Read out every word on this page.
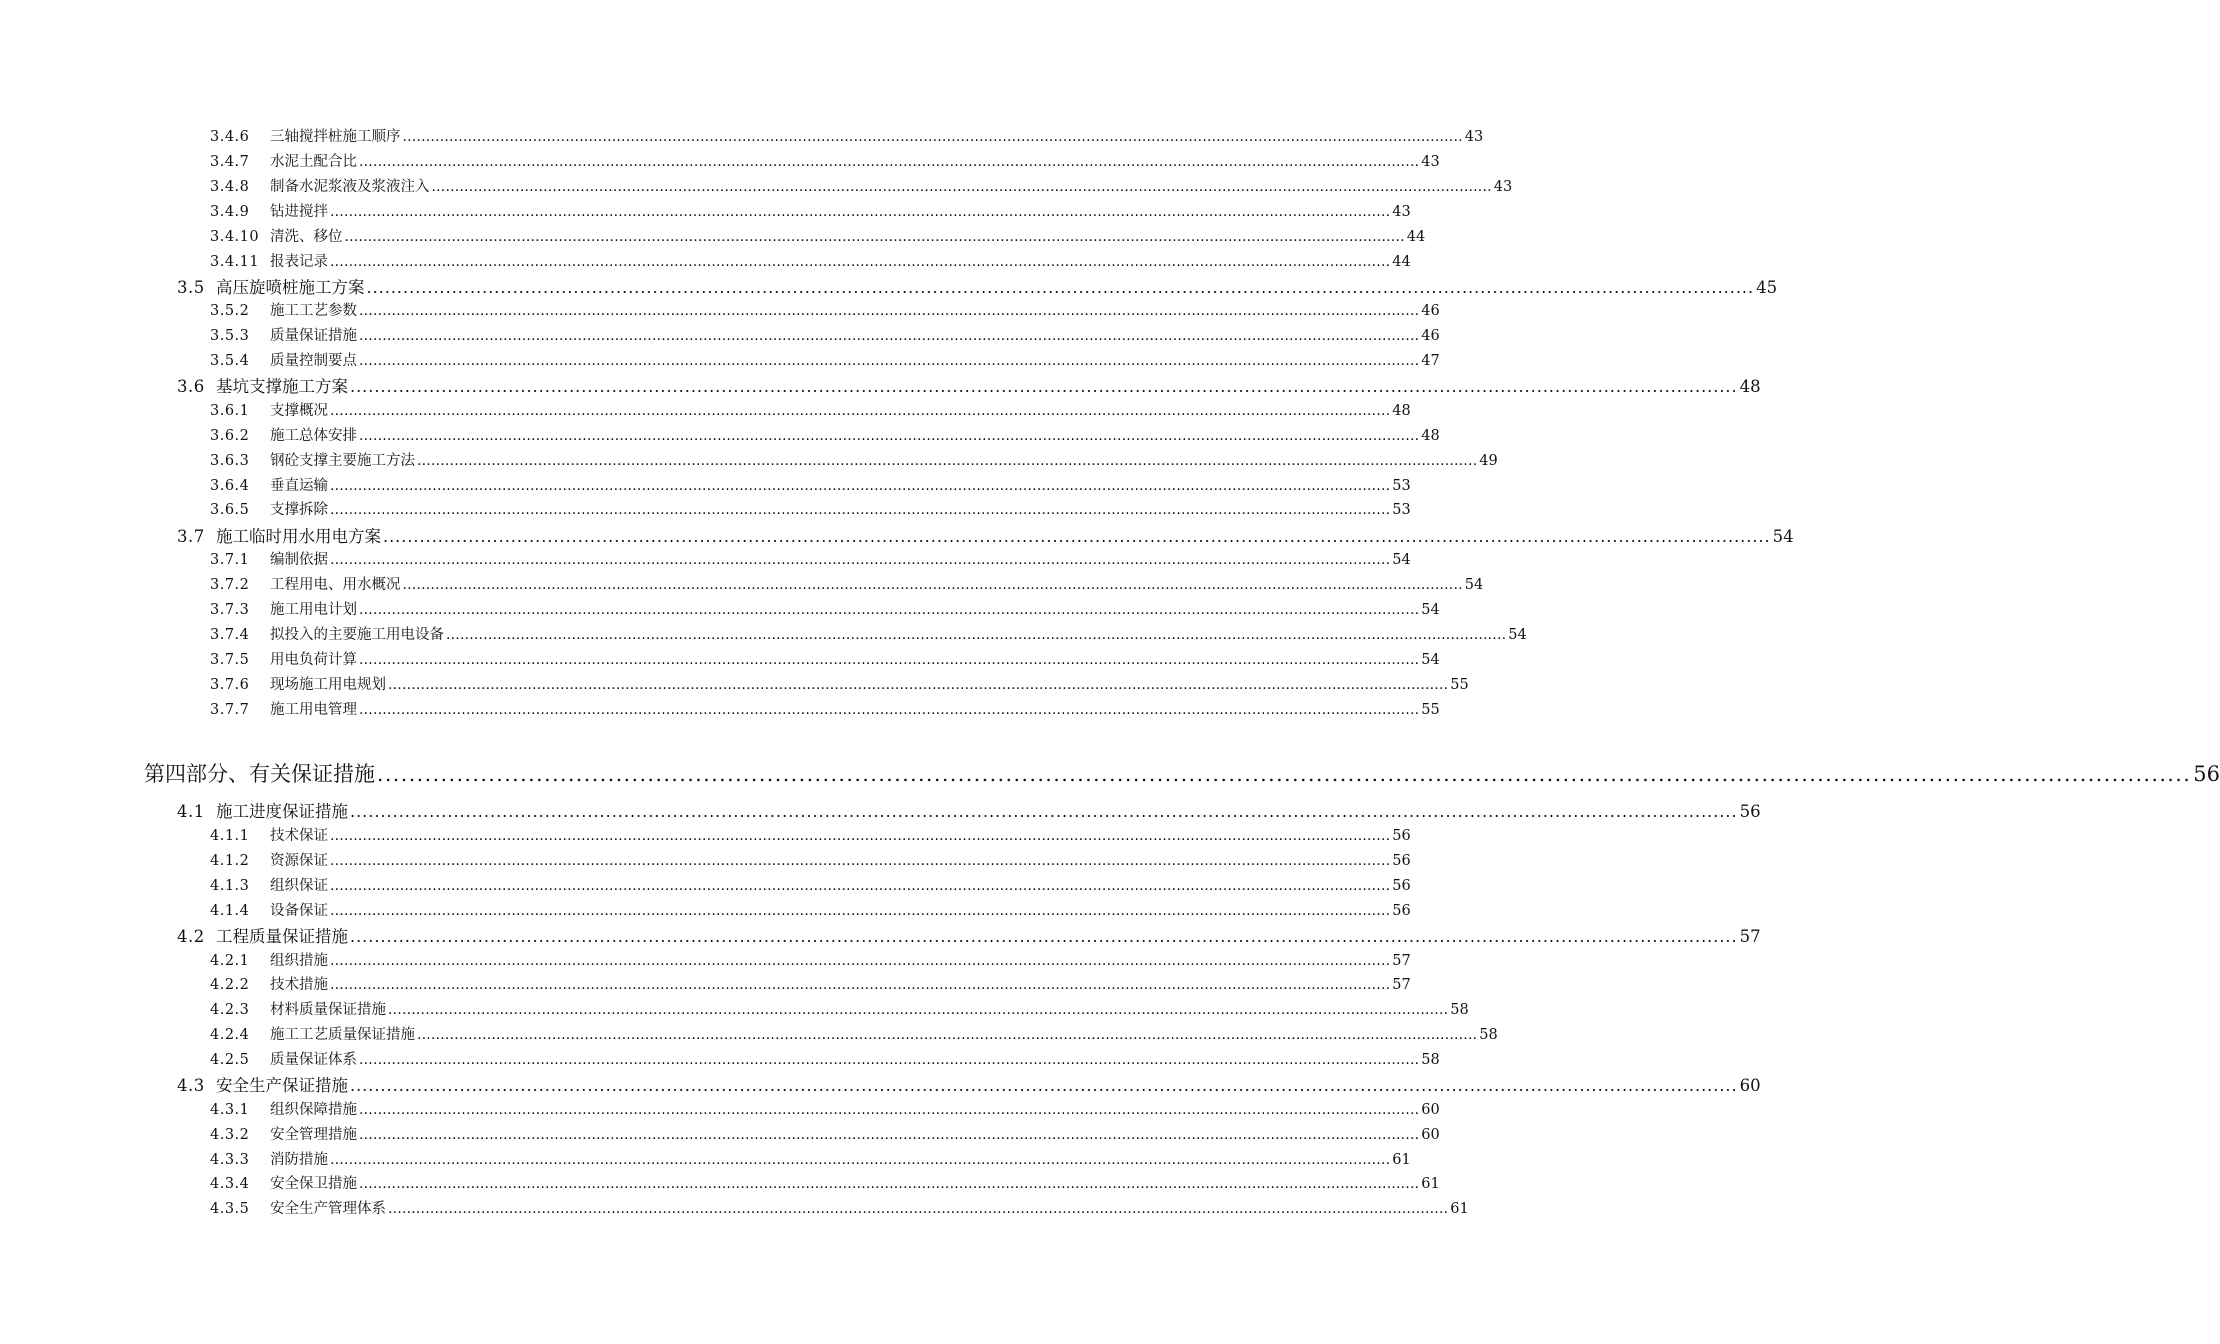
3.4.6	三轴搅拌桩施工顺序 .................................................................................................................................................................................................................................... 43
3.4.7	水泥土配合比 .................................................................................................................................................................................................................................... 43
3.4.8	制备水泥浆液及浆液注入 .................................................................................................................................................................................................................................... 43
3.4.9	钻进搅拌 .................................................................................................................................................................................................................................... 43
3.4.10 清洗、移位 .................................................................................................................................................................................................................................... 44
3.4.11 报表记录 .................................................................................................................................................................................................................................... 44
3.5 高压旋喷桩施工方案 .................................................................................................................................................................................................................................... 45
3.5.2	施工工艺参数 .................................................................................................................................................................................................................................... 46
3.5.3	质量保证措施 .................................................................................................................................................................................................................................... 46
3.5.4	质量控制要点 .................................................................................................................................................................................................................................... 47
3.6 基坑支撑施工方案 .................................................................................................................................................................................................................................... 48
3.6.1	支撑概况 .................................................................................................................................................................................................................................... 48
3.6.2	施工总体安排 .................................................................................................................................................................................................................................... 48
3.6.3	钢砼支撑主要施工方法 .................................................................................................................................................................................................................................... 49
3.6.4	垂直运输 .................................................................................................................................................................................................................................... 53
3.6.5	支撑拆除 .................................................................................................................................................................................................................................... 53
3.7 施工临时用水用电方案 .................................................................................................................................................................................................................................... 54
3.7.1	编制依据 .................................................................................................................................................................................................................................... 54
3.7.2	工程用电、用水概况 .................................................................................................................................................................................................................................... 54
3.7.3	施工用电计划 .................................................................................................................................................................................................................................... 54
3.7.4	拟投入的主要施工用电设备 .................................................................................................................................................................................................................................... 54
3.7.5	用电负荷计算 .................................................................................................................................................................................................................................... 54
3.7.6	现场施工用电规划 .................................................................................................................................................................................................................................... 55
3.7.7	施工用电管理 .................................................................................................................................................................................................................................... 55
第四部分、有关保证措施 .................................................................................................................................................................................................................................... 56
4.1 施工进度保证措施 .................................................................................................................................................................................................................................... 56
4.1.1	技术保证 .................................................................................................................................................................................................................................... 56
4.1.2	资源保证 .................................................................................................................................................................................................................................... 56
4.1.3	组织保证 .................................................................................................................................................................................................................................... 56
4.1.4	设备保证 .................................................................................................................................................................................................................................... 56
4.2 工程质量保证措施 .................................................................................................................................................................................................................................... 57
4.2.1	组织措施 .................................................................................................................................................................................................................................... 57
4.2.2	技术措施 .................................................................................................................................................................................................................................... 57
4.2.3	材料质量保证措施 .................................................................................................................................................................................................................................... 58
4.2.4	施工工艺质量保证措施 .................................................................................................................................................................................................................................... 58
4.2.5	质量保证体系 .................................................................................................................................................................................................................................... 58
4.3 安全生产保证措施 .................................................................................................................................................................................................................................... 60
4.3.1	组织保障措施 .................................................................................................................................................................................................................................... 60
4.3.2	安全管理措施 .................................................................................................................................................................................................................................... 60
4.3.3	消防措施 .................................................................................................................................................................................................................................... 61
4.3.4	安全保卫措施 .................................................................................................................................................................................................................................... 61
4.3.5	安全生产管理体系 .................................................................................................................................................................................................................................... 61
